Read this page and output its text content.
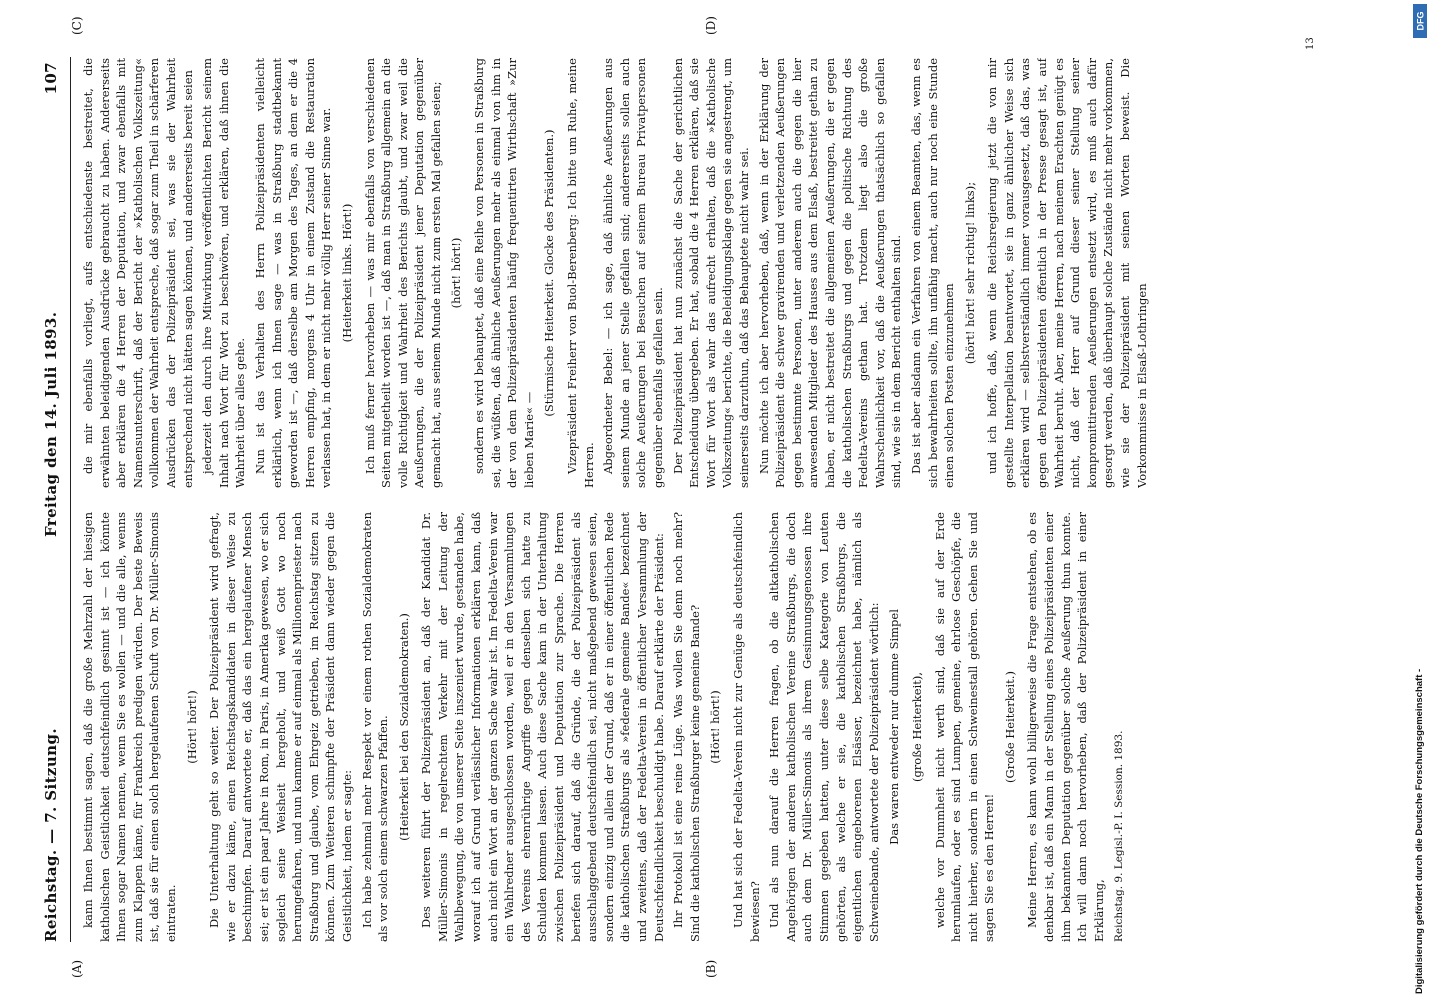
Reichstag. — 7. Sitzung.
Freitag den 14. Juli 1893.
107
(A)	(B)
(C)	(D)

kann Ihnen bestimmt sagen, daß die große Mehrzahl der hiesigen katholischen Geistlichkeit deutschfeindlich gesinnt ist — ich könnte Ihnen sogar Namen nennen, wenn Sie es wollen — und die alle, wenns zum Klappen käme, für Frankreich predigen würden. Der beste Beweis ist, daß sie für einen solch hergelaufenen Schuft von Dr. Müller-Simonis eintraten.

(Hört! hört!) Die Unterhaltung geht so weiter. Der Polizeipräsident wird gefragt, wie er dazu käme, einen Reichstagskandidaten in dieser Weise zu beschimpfen. Darauf antwortete er, daß das ein hergelaufener Mensch sei; er ist ein paar Jahre in Rom, in Paris, in Amerika gewesen, wo er sich sogleich seine Weisheit hergeholt, und weiß Gott wo noch herumgefahren, und nun kamme er auf einmal als Millionenpriester nach Straßburg und glaube, vom Ehrgeiz getrieben, im Reichstag sitzen zu können. Zum Weiteren schimpfte der Präsident dann wieder gegen die Geistlichkeit, indem er sagte: Ich habe zehnmal mehr Respekt vor einem rothen Sozialdemokraten als vor solch einem schwarzen Pfaffen. (Heiterkeit bei den Sozialdemokraten.) Des weiteren führt der Polizeipräsident an, daß der Kandidat Dr. Müller-Simonis in regelrechtem Verkehr mit der Leitung der Wahlbewegung, die von unserer Seite inszeniert wurde, gestanden habe, worauf ich auf Grund verlässlicher Informationen erklären kann, daß auch nicht ein Wort an der ganzen Sache wahr ist. Im Fedelta-Verein war ein Wahlredner ausgeschlossen worden, weil er in den Versammlungen des Vereins ehrenrührige Angriffe gegen denselben sich hatte zu Schulden kommen lassen. Auch diese Sache kam in der Unterhaltung zwischen Polizeipräsident und Deputation zur Sprache. Die Herren beriefen sich darauf, daß die Gründe, die der Polizeipräsident als ausschlaggebend deutschfeindlich sei, nicht maßgebend gewesen seien, sondern einzig und allein der Grund, daß er in einer öffentlichen Rede die katholischen Straßburgs als »federale gemeine Bande« bezeichnet und zweitens, daß der Fedelta-Verein in öffentlicher Versammlung der Deutschfeindlichkeit beschuldigt habe. Darauf erklärte der Präsident: Ihr Protokoll ist eine reine Lüge. Was wollen Sie denn noch mehr? Sind die katholischen Straßburger keine gemeine Bande? (Hört! hört!) Und hat sich der Fedelta-Verein nicht zur Genüge als deutschfeindlich bewiesen? Und als nun darauf die Herren fragen, ob die altkatholischen Angehörigen der anderen katholischen Vereine Straßburgs, die doch auch dem Dr. Müller-Simonis als ihrem Gesinnungsgenossen ihre Stimmen gegeben hatten, unter diese selbe Kategorie von Leuten gehörten, als welche er sie, die katholischen Straßburgs, die eigentlichen eingeborenen Elsässer, bezeichnet habe, nämlich als Schweinebande, antwortete der Polizeipräsident wörtlich: Das waren entweder nur dumme Simpel (große Heiterkeit), welche vor Dummheit nicht werth sind, daß sie auf der Erde herumlaufen, oder es sind Lumpen, gemeine, ehrlose Geschöpfe, die nicht hierher, sondern in einen Schweinestall gehören. Gehen Sie und sagen Sie es den Herren!

(Große Heiterkeit.) Meine Herren, es kann wohl billigerweise die Frage entstehen, ob es denkbar ist, daß ein Mann in der Stellung eines Polizeipräsidenten einer ihm bekannten Deputation gegenüber solche Aeußerung thun konnte. Ich will dann noch hervorheben, daß der Polizeipräsident in einer Erklärung, Reichstag. 9. Legisl.-P. I. Session. 1893.

die mir ebenfalls vorliegt, aufs entschiedenste bestreitet, die erwähnten beleidigenden Ausdrücke gebraucht zu haben. Andererseits aber erklären die 4 Herren der Deputation, und zwar ebenfalls mit Namensunterschrift, daß der Bericht der »Katholischen Volkszeitung« vollkommen der Wahrheit entspreche, daß sogar zum Theil in schärferen Ausdrücken das der Polizeipräsident sei, was sie der Wahrheit entsprechend nicht hätten sagen können, und andererseits bereit seien jederzeit den durch ihre Mitwirkung veröffentlichten Bericht seinem Inhalt nach Wort für Wort zu beschwören, und erklären, daß ihnen die Wahrheit über alles gehe. Nun ist das Verhalten des Herrn Polizeipräsidenten vielleicht erklärlich, wenn ich Ihnen sage — was in Straßburg stadtbekannt geworden ist —, daß derselbe am Morgen des Tages, an dem er die 4 Herren empfing, morgens 4 Uhr in einem Zustand die Restauration verlassen hat, in dem er nicht mehr völlig Herr seiner Sinne war. (Heiterkeit links. Hört!) Ich muß ferner hervorheben — was mir ebenfalls von verschiedenen Seiten mitgetheilt worden ist —, daß man in Straßburg allgemein an die volle Richtigkeit und Wahrheit des Berichts glaubt, und zwar weil die Aeußerungen, die der Polizeipräsident jener Deputation gegenüber gemacht hat, aus seinem Munde nicht zum ersten Mal gefallen seien; (hört! hört!) sondern es wird behauptet, daß eine Reihe von Personen in Straßburg sei, die wüßten, daß ähnliche Aeußerungen mehr als einmal von ihm in der von dem Polizeipräsidenten häufig frequentirten Wirthschaft »Zur lieben Marie« —

(Stürmische Heiterkeit. Glocke des Präsidenten.) Vizepräsident Freiherr von Buol-Berenberg: Ich bitte um Ruhe, meine Herren. Abgeordneter Bebel: — ich sage, daß ähnliche Aeußerungen aus seinem Munde an jener Stelle gefallen sind; andererseits sollen auch solche Aeußerungen bei Besuchen auf seinem Bureau Privatpersonen gegenüber ebenfalls gefallen sein. Der Polizeipräsident hat nun zunächst die Sache der gerichtlichen Entscheidung übergeben. Er hat, sobald die 4 Herren erklären, daß sie Wort für Wort als wahr das aufrecht erhalten, daß die »Katholische Volkszeitung« berichte, die Beleidigungsklage gegen sie angestrengt, um seinerseits darzuthun, daß das Behauptete nicht wahr sei. Nun möchte ich aber hervorheben, daß, wenn in der Erklärung der Polizeipräsident die schwer gravirenden und verletzenden Aeußerungen gegen bestimmte Personen, unter anderem auch die gegen die hier anwesenden Mitglieder des Hauses aus dem Elsaß, bestreitet gethan zu haben, er nicht bestreitet die allgemeinen Aeußerungen, die er gegen die katholischen Straßburgs und gegen die politische Richtung des Fedelta-Vereins gethan hat. Trotzdem liegt also die große Wahrscheinlichkeit vor, daß die Aeußerungen thatsächlich so gefallen sind, wie sie in dem Bericht enthalten sind. Das ist aber alsdann ein Verfahren von einem Beamten, das, wenn es sich bewahrheiten sollte, ihn unfähig macht, auch nur noch eine Stunde einen solchen Posten einzunehmen

(hört! hört! sehr richtig! links); und ich hoffe, daß, wenn die Reichsregierung jetzt die von mir gestellte Interpellation beantwortet, sie in ganz ähnlicher Weise sich erklären wird — selbstverständlich immer vorausgesetzt, daß das, was gegen den Polizeipräsidenten öffentlich in der Presse gesagt ist, auf Wahrheit beruht. Aber, meine Herren, nach meinem Erachten genügt es nicht, daß der Herr auf Grund dieser seiner Stellung seiner kompromittirenden Aeußerungen entsetzt wird, es muß auch dafür gesorgt werden, daß überhaupt solche Zustände nicht mehr vorkommen, wie sie der Polizeipräsident mit seinen Worten beweist. Die Vorkommnisse in Elsaß-Lothringen

13
DFG
Digitalisierung gefördert durch die Deutsche Forschungsgemeinschaft -
